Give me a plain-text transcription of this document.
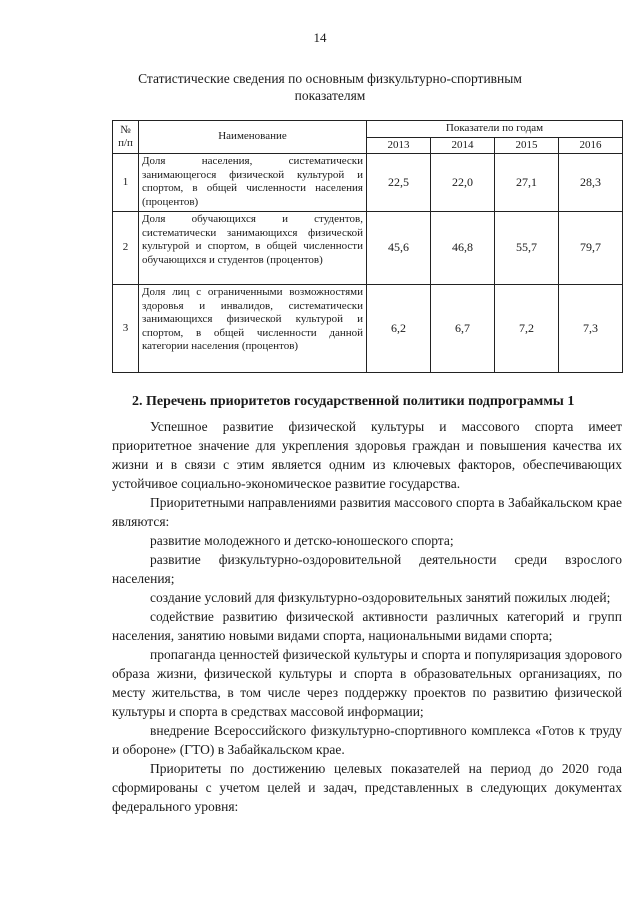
14
Статистические сведения по основным физкультурно-спортивным
показателям
№ п/п	Наименование	Показатели по годам			
		2013	2014	2015	2016
1	Доля населения, систематически занимающегося физической культурой и спортом, в общей численности населения (процентов)	22,5	22,0	27,1	28,3
2	Доля обучающихся и студентов, систематически занимающихся физической культурой и спортом, в общей численности обучающихся и студентов (процентов)	45,6	46,8	55,7	79,7
3	Доля лиц с ограниченными возможностями здоровья и инвалидов, систематически занимающихся физической культурой и спортом, в общей численности данной категории населения (процентов)	6,2	6,7	7,2	7,3
2. Перечень приоритетов государственной политики подпрограммы 1

Успешное развитие физической культуры и массового спорта имеет приоритетное значение для укрепления здоровья граждан и повышения качества их жизни и в связи с этим является одним из ключевых факторов, обеспечивающих устойчивое социально-экономическое развитие государства.

Приоритетными направлениями развития массового спорта в Забайкальском крае являются:

развитие молодежного и детско-юношеского спорта;

развитие физкультурно-оздоровительной деятельности среди взрослого населения;

создание условий для физкультурно-оздоровительных занятий пожилых людей;

содействие развитию физической активности различных категорий и групп населения, занятию новыми видами спорта, национальными видами спорта;

пропаганда ценностей физической культуры и спорта и популяризация здорового образа жизни, физической культуры и спорта в образовательных организациях, по месту жительства, в том числе через поддержку проектов по развитию физической культуры и спорта в средствах массовой информации;

внедрение Всероссийского физкультурно-спортивного комплекса «Готов к труду и обороне» (ГТО) в Забайкальском крае.

Приоритеты по достижению целевых показателей на период до 2020 года сформированы с учетом целей и задач, представленных в следующих документах федерального уровня:
